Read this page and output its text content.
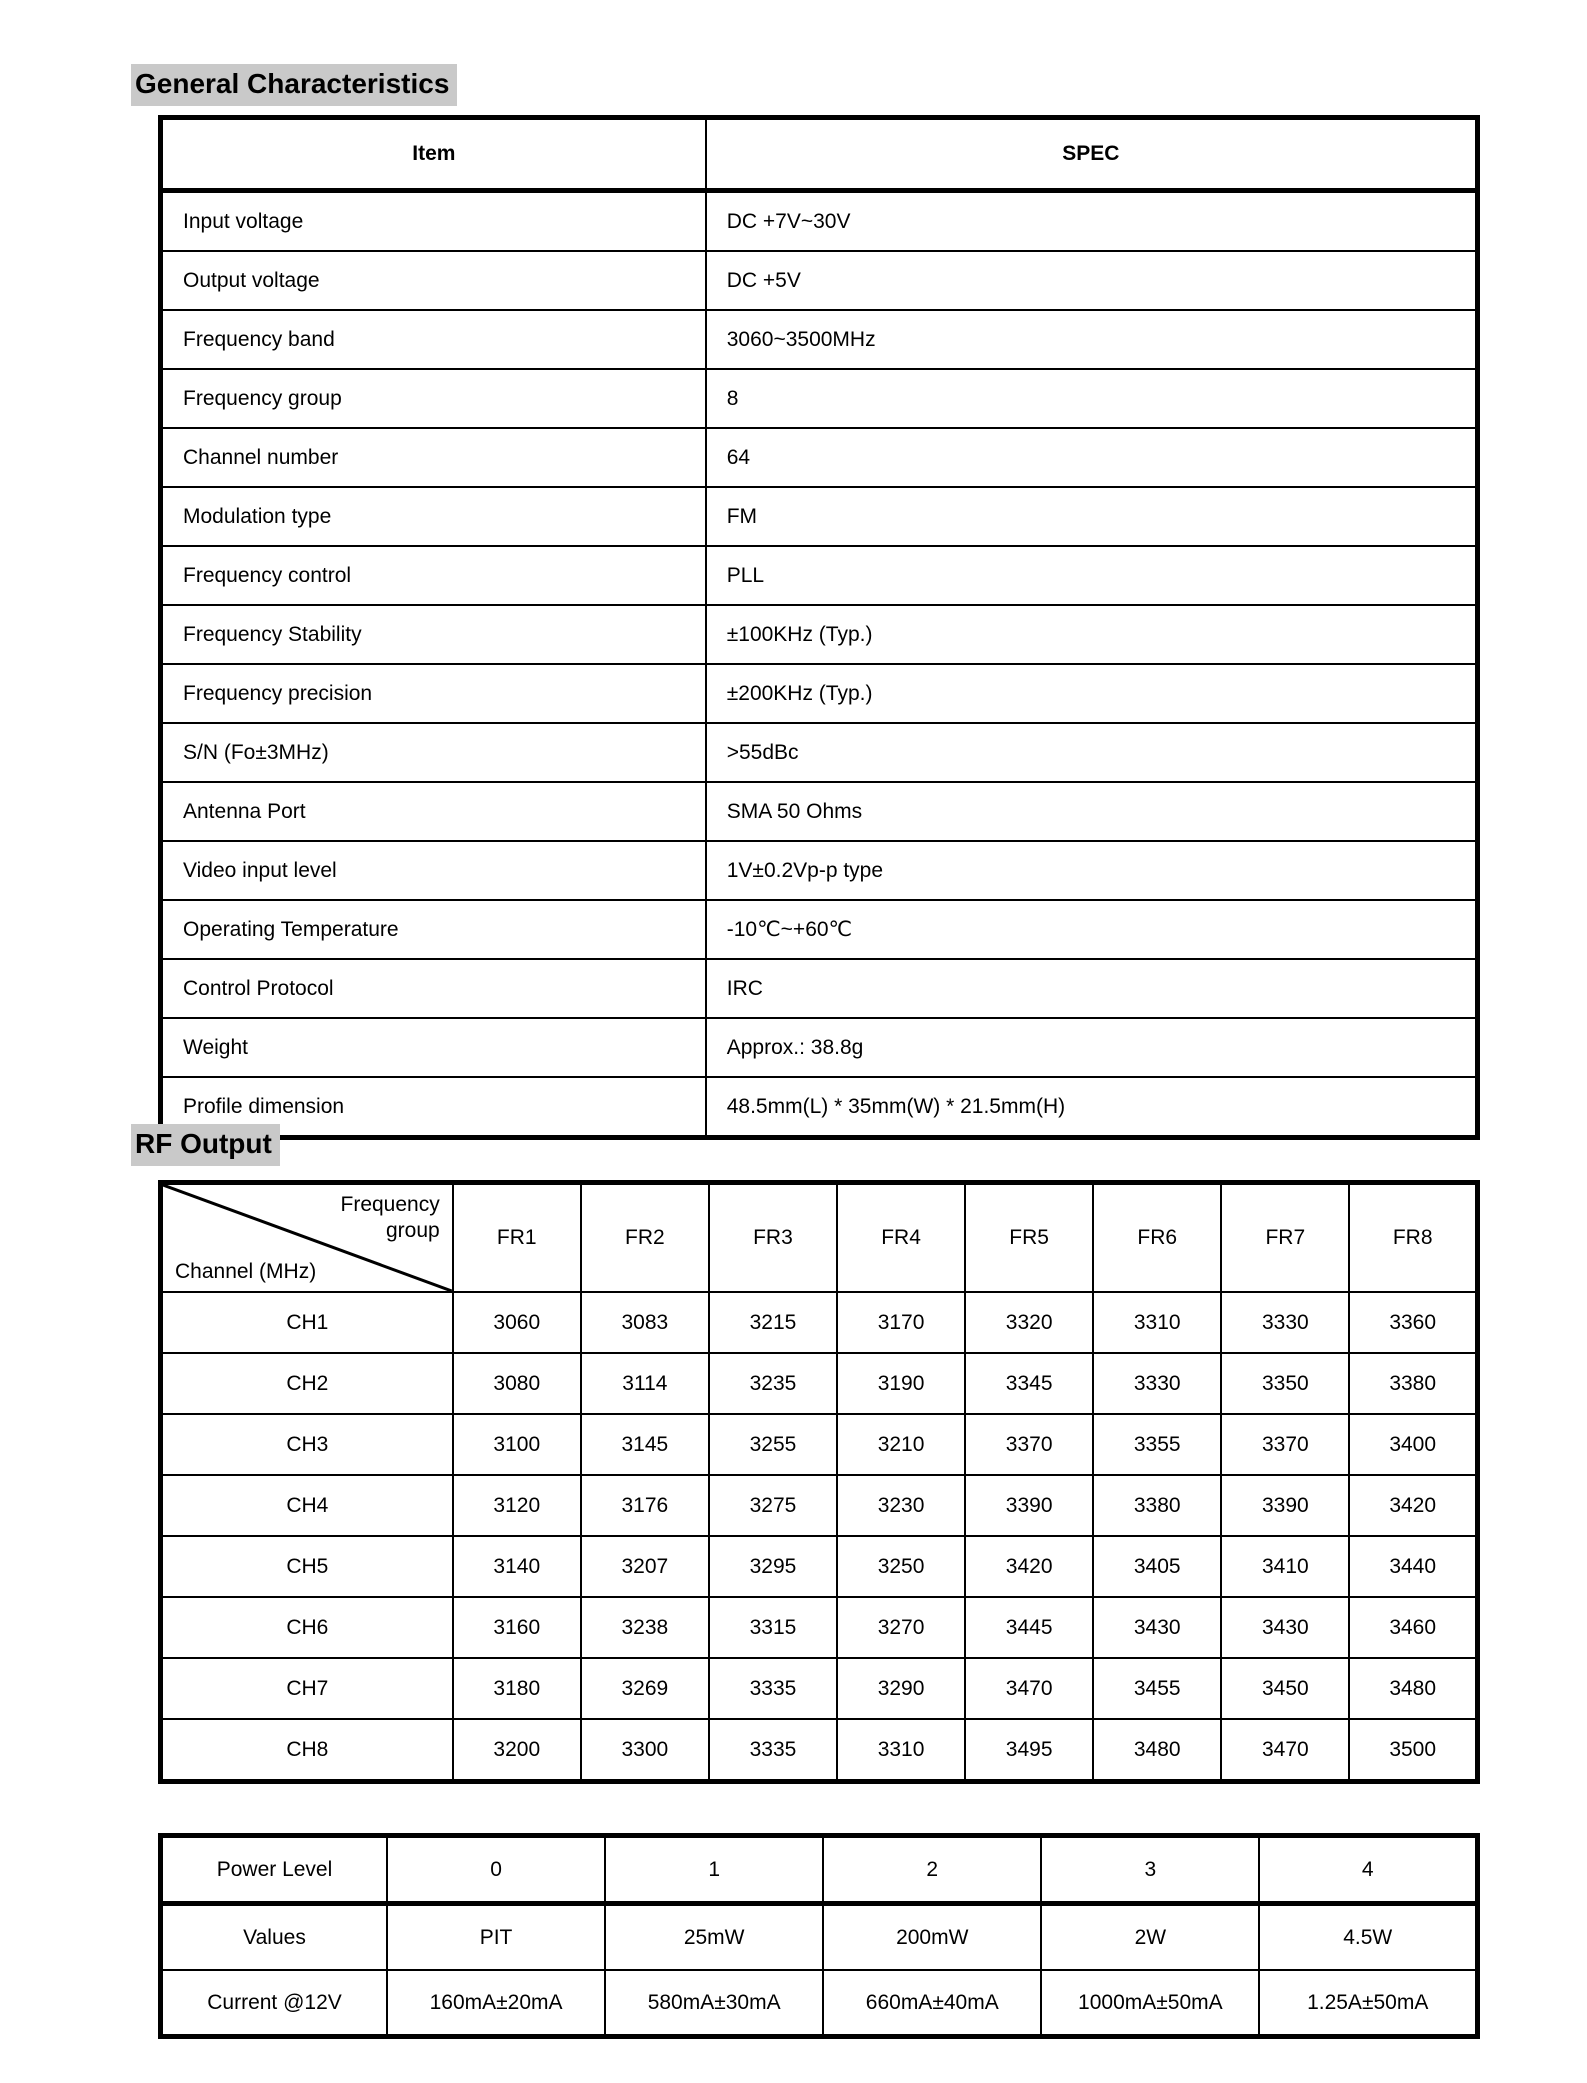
General Characteristics
Item	SPEC
Input voltage	DC +7V~30V
Output voltage	DC +5V
Frequency band	3060~3500MHz
Frequency group	8
Channel number	64
Modulation type	FM
Frequency control	PLL
Frequency Stability	±100KHz (Typ.)
Frequency precision	±200KHz (Typ.)
S/N (Fo±3MHz)	>55dBc
Antenna Port	SMA 50 Ohms
Video input level	1V±0.2Vp-p type
Operating Temperature	-10℃~+60℃
Control Protocol	IRC
Weight	Approx.: 38.8g
Profile dimension	48.5mm(L) * 35mm(W) * 21.5mm(H)
RF Output
Frequency group
Channel (MHz)	FR1	FR2	FR3	FR4	FR5	FR6	FR7	FR8
CH1	3060	3083	3215	3170	3320	3310	3330	3360
CH2	3080	3114	3235	3190	3345	3330	3350	3380
CH3	3100	3145	3255	3210	3370	3355	3370	3400
CH4	3120	3176	3275	3230	3390	3380	3390	3420
CH5	3140	3207	3295	3250	3420	3405	3410	3440
CH6	3160	3238	3315	3270	3445	3430	3430	3460
CH7	3180	3269	3335	3290	3470	3455	3450	3480
CH8	3200	3300	3335	3310	3495	3480	3470	3500
Power Level	0	1	2	3	4
Values	PIT	25mW	200mW	2W	4.5W
Current @12V	160mA±20mA	580mA±30mA	660mA±40mA	1000mA±50mA	1.25A±50mA
